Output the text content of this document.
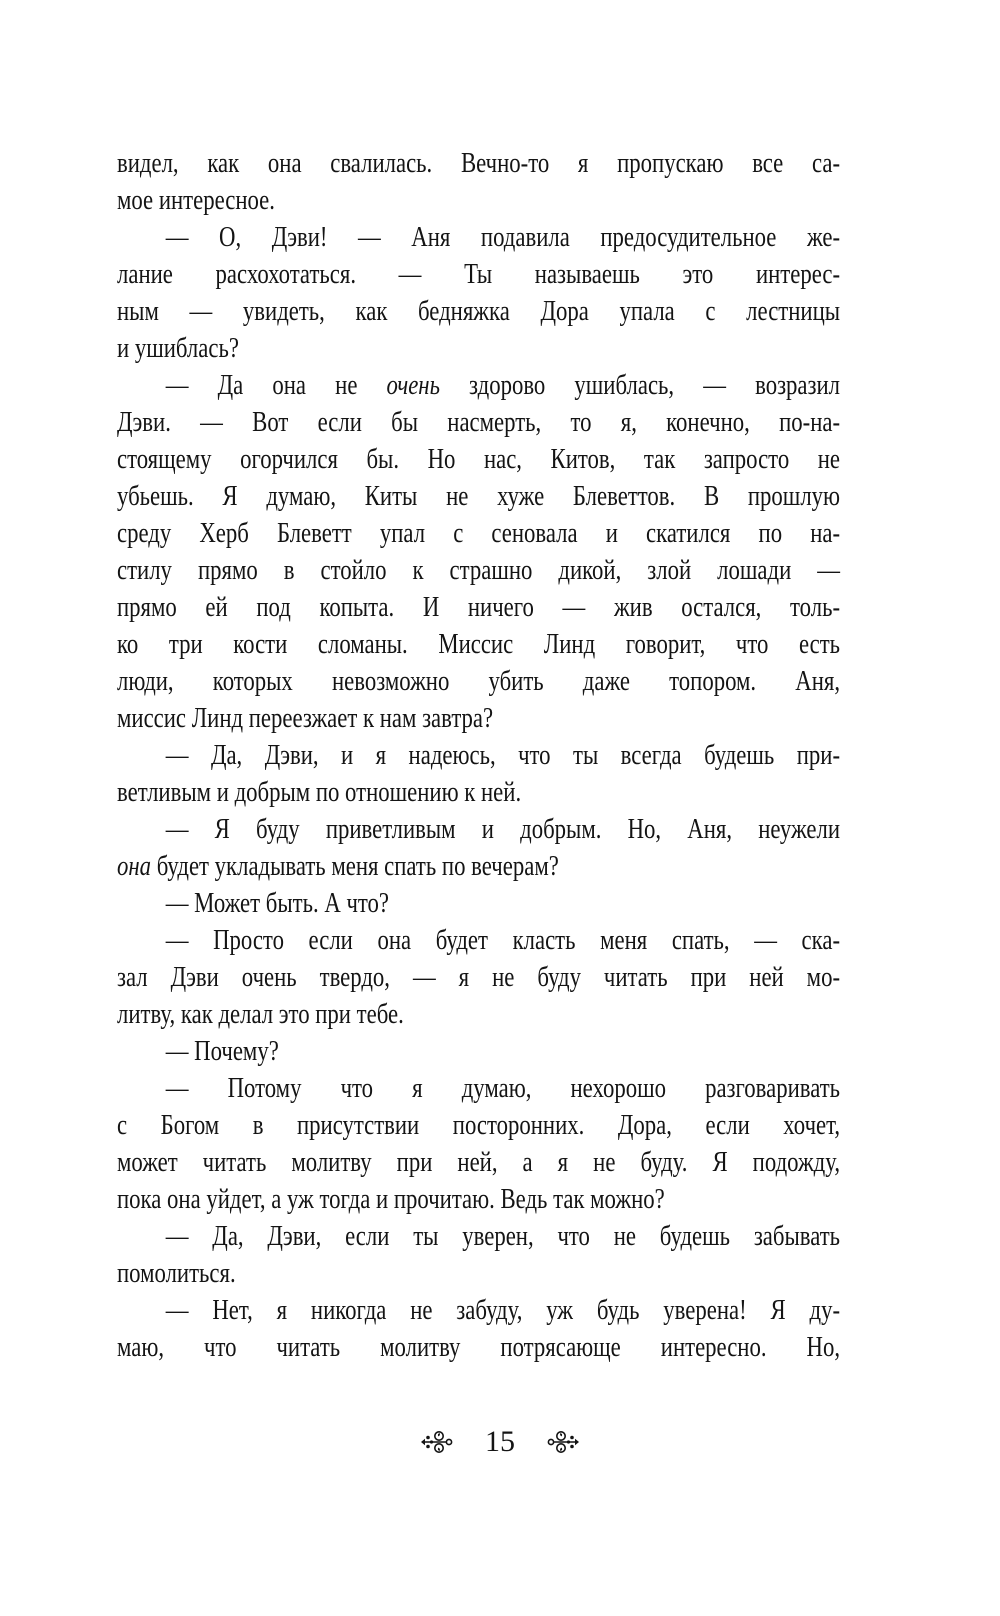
видел, как она свалилась. Вечно-то я пропускаю все са-
мое интересное.
— О, Дэви! — Аня подавила предосудительное же-
лание расхохотаться. — Ты называешь это интерес-
ным — увидеть, как бедняжка Дора упала с лестницы
и ушиблась?
— Да она не очень здорово ушиблась, — возразил
Дэви. — Вот если бы насмерть, то я, конечно, по-на-
стоящему огорчился бы. Но нас, Китов, так запросто не
убьешь. Я думаю, Киты не хуже Блеветтов. В прошлую
среду Херб Блеветт упал с сеновала и скатился по на-
стилу прямо в стойло к страшно дикой, злой лошади —
прямо ей под копыта. И ничего — жив остался, толь-
ко три кости сломаны. Миссис Линд говорит, что есть
люди, которых невозможно убить даже топором. Аня,
миссис Линд переезжает к нам завтра?
— Да, Дэви, и я надеюсь, что ты всегда будешь при-
ветливым и добрым по отношению к ней.
— Я буду приветливым и добрым. Но, Аня, неужели
она будет укладывать меня спать по вечерам?
— Может быть. А что?
— Просто если она будет класть меня спать, — ска-
зал Дэви очень твердо, — я не буду читать при ней мо-
литву, как делал это при тебе.
— Почему?
— Потому что я думаю, нехорошо разговаривать
с Богом в присутствии посторонних. Дора, если хочет,
может читать молитву при ней, а я не буду. Я подожду,
пока она уйдет, а уж тогда и прочитаю. Ведь так можно?
— Да, Дэви, если ты уверен, что не будешь забывать
помолиться.
— Нет, я никогда не забуду, уж будь уверена! Я ду-
маю, что читать молитву потрясающе интересно. Но,
15
